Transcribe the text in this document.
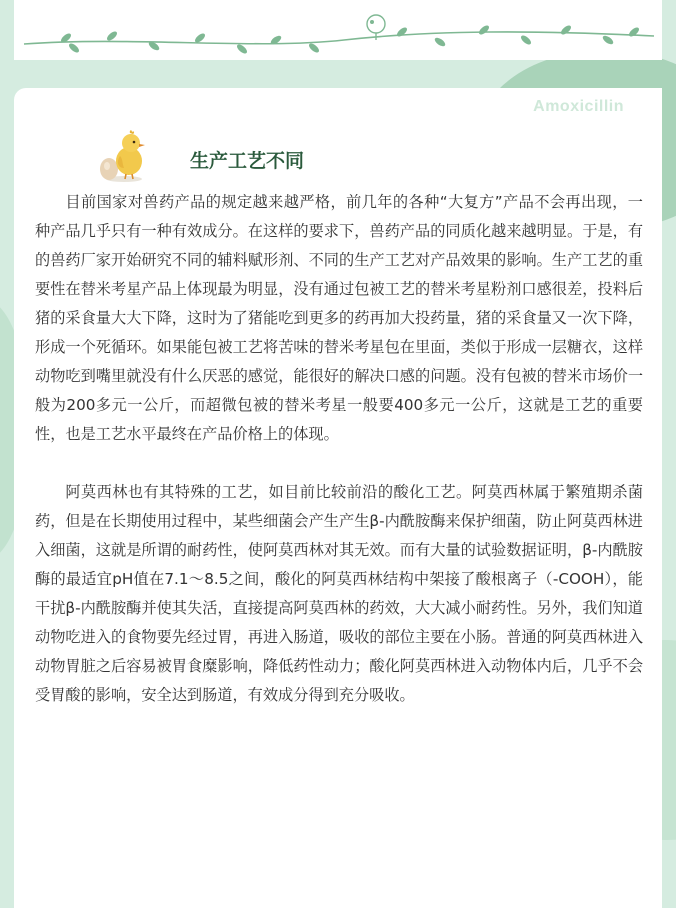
Amoxicillin
生产工艺不同

目前国家对兽药产品的规定越来越严格，前几年的各种“大复方”产品不会再出现，一种产品几乎只有一种有效成分。在这样的要求下，兽药产品的同质化越来越明显。于是，有的兽药厂家开始研究不同的辅料赋形剂、不同的生产工艺对产品效果的影响。生产工艺的重要性在替米考星产品上体现最为明显，没有通过包被工艺的替米考星粉剂口感很差，投料后猪的采食量大大下降，这时为了猪能吃到更多的药再加大投药量，猪的采食量又一次下降，形成一个死循环。如果能包被工艺将苦味的替米考星包在里面，类似于形成一层糖衣，这样动物吃到嘴里就没有什么厌恶的感觉，能很好的解决口感的问题。没有包被的替米市场价一般为200多元一公斤，而超微包被的替米考星一般要400多元一公斤，这就是工艺的重要性，也是工艺水平最终在产品价格上的体现。

阿莫西林也有其特殊的工艺，如目前比较前沿的酸化工艺。阿莫西林属于繁殖期杀菌药，但是在长期使用过程中，某些细菌会产生产生β-内酰胺酶来保护细菌，防止阿莫西林进入细菌，这就是所谓的耐药性，使阿莫西林对其无效。而有大量的试验数据证明，β-内酰胺酶的最适宜pH值在7.1～8.5之间，酸化的阿莫西林结构中架接了酸根离子（-COOH），能干扰β-内酰胺酶并使其失活，直接提高阿莫西林的药效，大大减小耐药性。另外，我们知道动物吃进入的食物要先经过胃，再进入肠道，吸收的部位主要在小肠。普通的阿莫西林进入动物胃脏之后容易被胃食糜影响，降低药性动力；酸化阿莫西林进入动物体内后，几乎不会受胃酸的影响，安全达到肠道，有效成分得到充分吸收。
